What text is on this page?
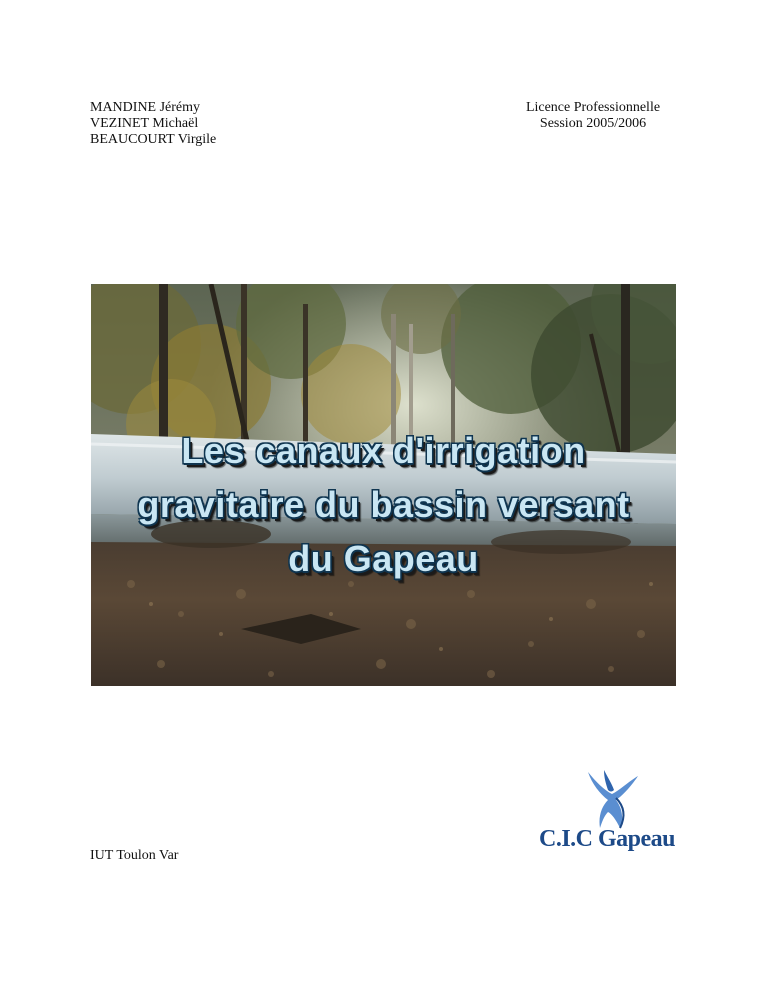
MANDINE Jérémy
VEZINET Michaël
BEAUCOURT Virgile
Licence Professionnelle
Session 2005/2006
Les canaux d'irrigation
gravitaire du bassin versant
du Gapeau
IUT Toulon Var
C.I.C Gapeau
